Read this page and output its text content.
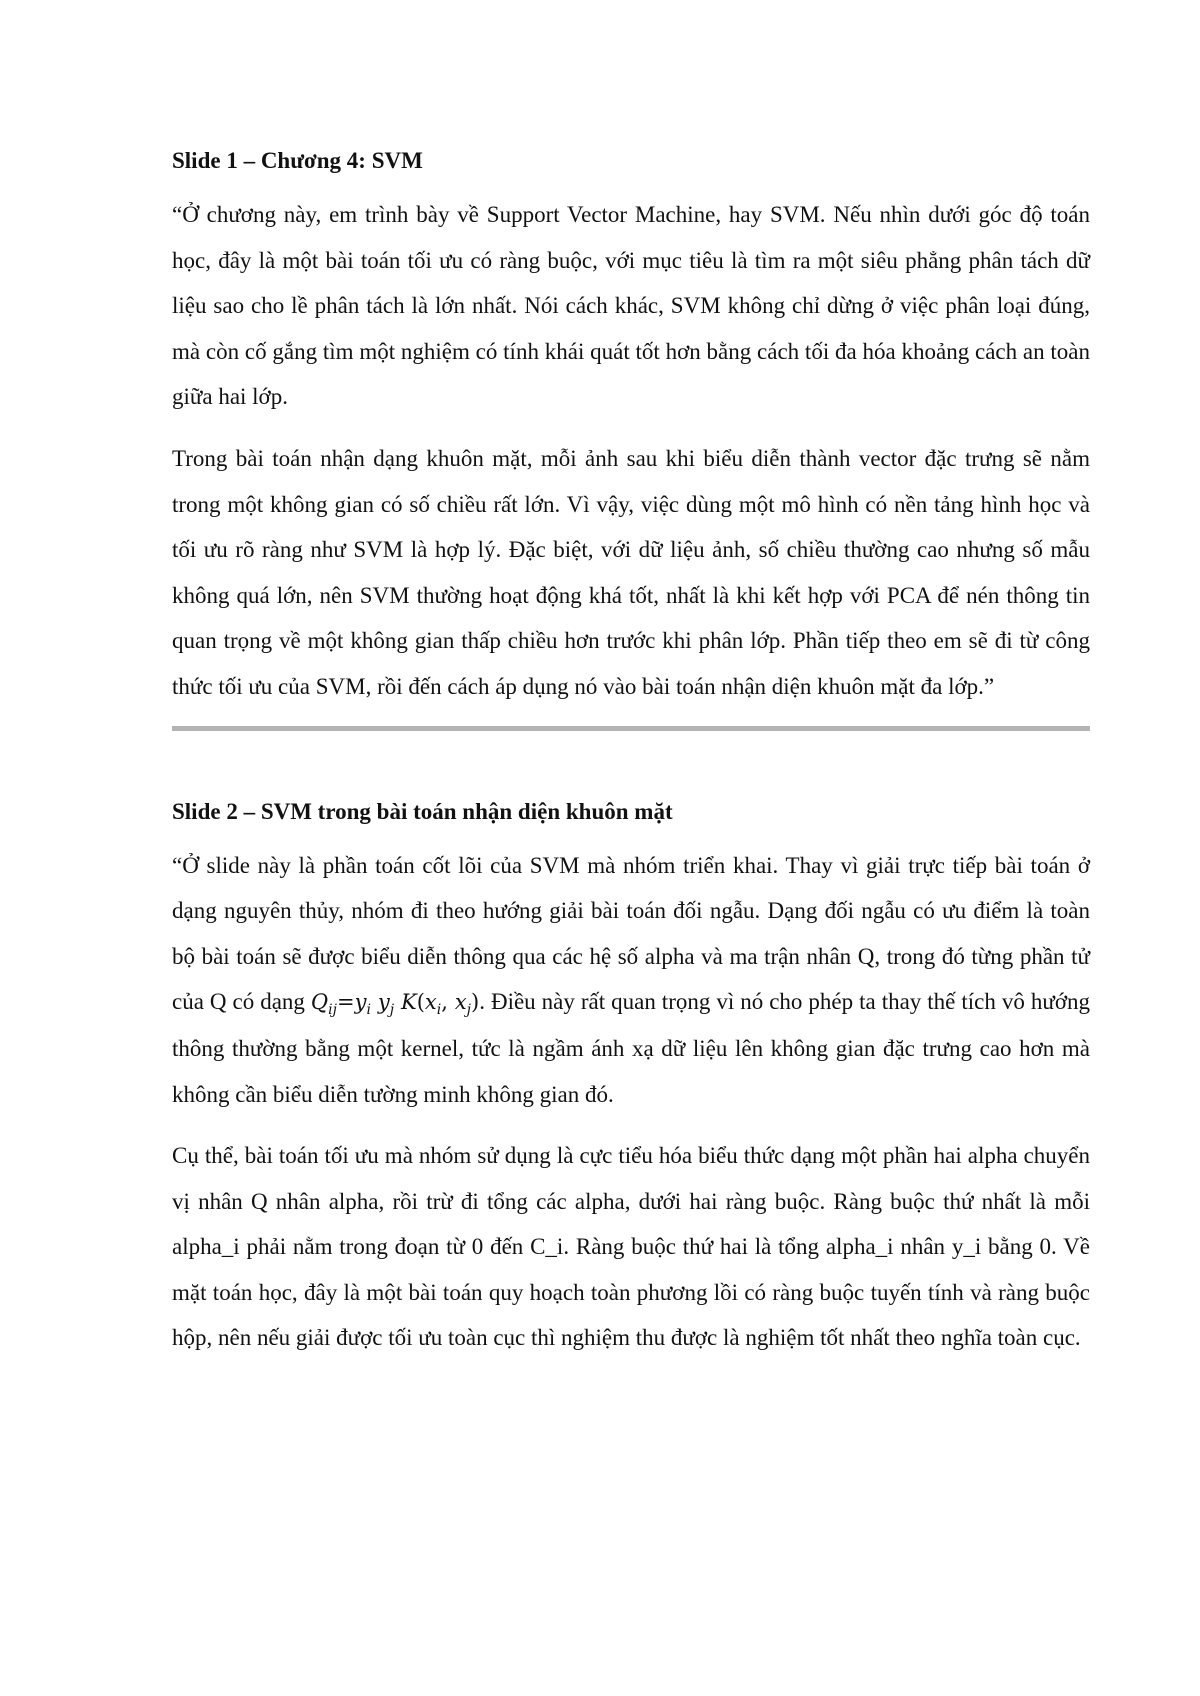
Slide 1 – Chương 4: SVM

“Ở chương này, em trình bày về Support Vector Machine, hay SVM. Nếu nhìn dưới góc độ toán học, đây là một bài toán tối ưu có ràng buộc, với mục tiêu là tìm ra một siêu phẳng phân tách dữ liệu sao cho lề phân tách là lớn nhất. Nói cách khác, SVM không chỉ dừng ở việc phân loại đúng, mà còn cố gắng tìm một nghiệm có tính khái quát tốt hơn bằng cách tối đa hóa khoảng cách an toàn giữa hai lớp.

Trong bài toán nhận dạng khuôn mặt, mỗi ảnh sau khi biểu diễn thành vector đặc trưng sẽ nằm trong một không gian có số chiều rất lớn. Vì vậy, việc dùng một mô hình có nền tảng hình học và tối ưu rõ ràng như SVM là hợp lý. Đặc biệt, với dữ liệu ảnh, số chiều thường cao nhưng số mẫu không quá lớn, nên SVM thường hoạt động khá tốt, nhất là khi kết hợp với PCA để nén thông tin quan trọng về một không gian thấp chiều hơn trước khi phân lớp. Phần tiếp theo em sẽ đi từ công thức tối ưu của SVM, rồi đến cách áp dụng nó vào bài toán nhận diện khuôn mặt đa lớp.”

Slide 2 – SVM trong bài toán nhận diện khuôn mặt

“Ở slide này là phần toán cốt lõi của SVM mà nhóm triển khai. Thay vì giải trực tiếp bài toán ở dạng nguyên thủy, nhóm đi theo hướng giải bài toán đối ngẫu. Dạng đối ngẫu có ưu điểm là toàn bộ bài toán sẽ được biểu diễn thông qua các hệ số alpha và ma trận nhân Q, trong đó từng phần tử của Q có dạng $Q_{ij}=y_i$ $y_j$ $K(x_i$, $x_j$). Điều này rất quan trọng vì nó cho phép ta thay thế tích vô hướng thông thường bằng một kernel, tức là ngầm ánh xạ dữ liệu lên không gian đặc trưng cao hơn mà không cần biểu diễn tường minh không gian đó.

Cụ thể, bài toán tối ưu mà nhóm sử dụng là cực tiểu hóa biểu thức dạng một phần hai alpha chuyển vị nhân Q nhân alpha, rồi trừ đi tổng các alpha, dưới hai ràng buộc. Ràng buộc thứ nhất là mỗi alpha_i phải nằm trong đoạn từ 0 đến C_i. Ràng buộc thứ hai là tổng alpha_i nhân y_i bằng 0. Về mặt toán học, đây là một bài toán quy hoạch toàn phương lồi có ràng buộc tuyến tính và ràng buộc hộp, nên nếu giải được tối ưu toàn cục thì nghiệm thu được là nghiệm tốt nhất theo nghĩa toàn cục.
